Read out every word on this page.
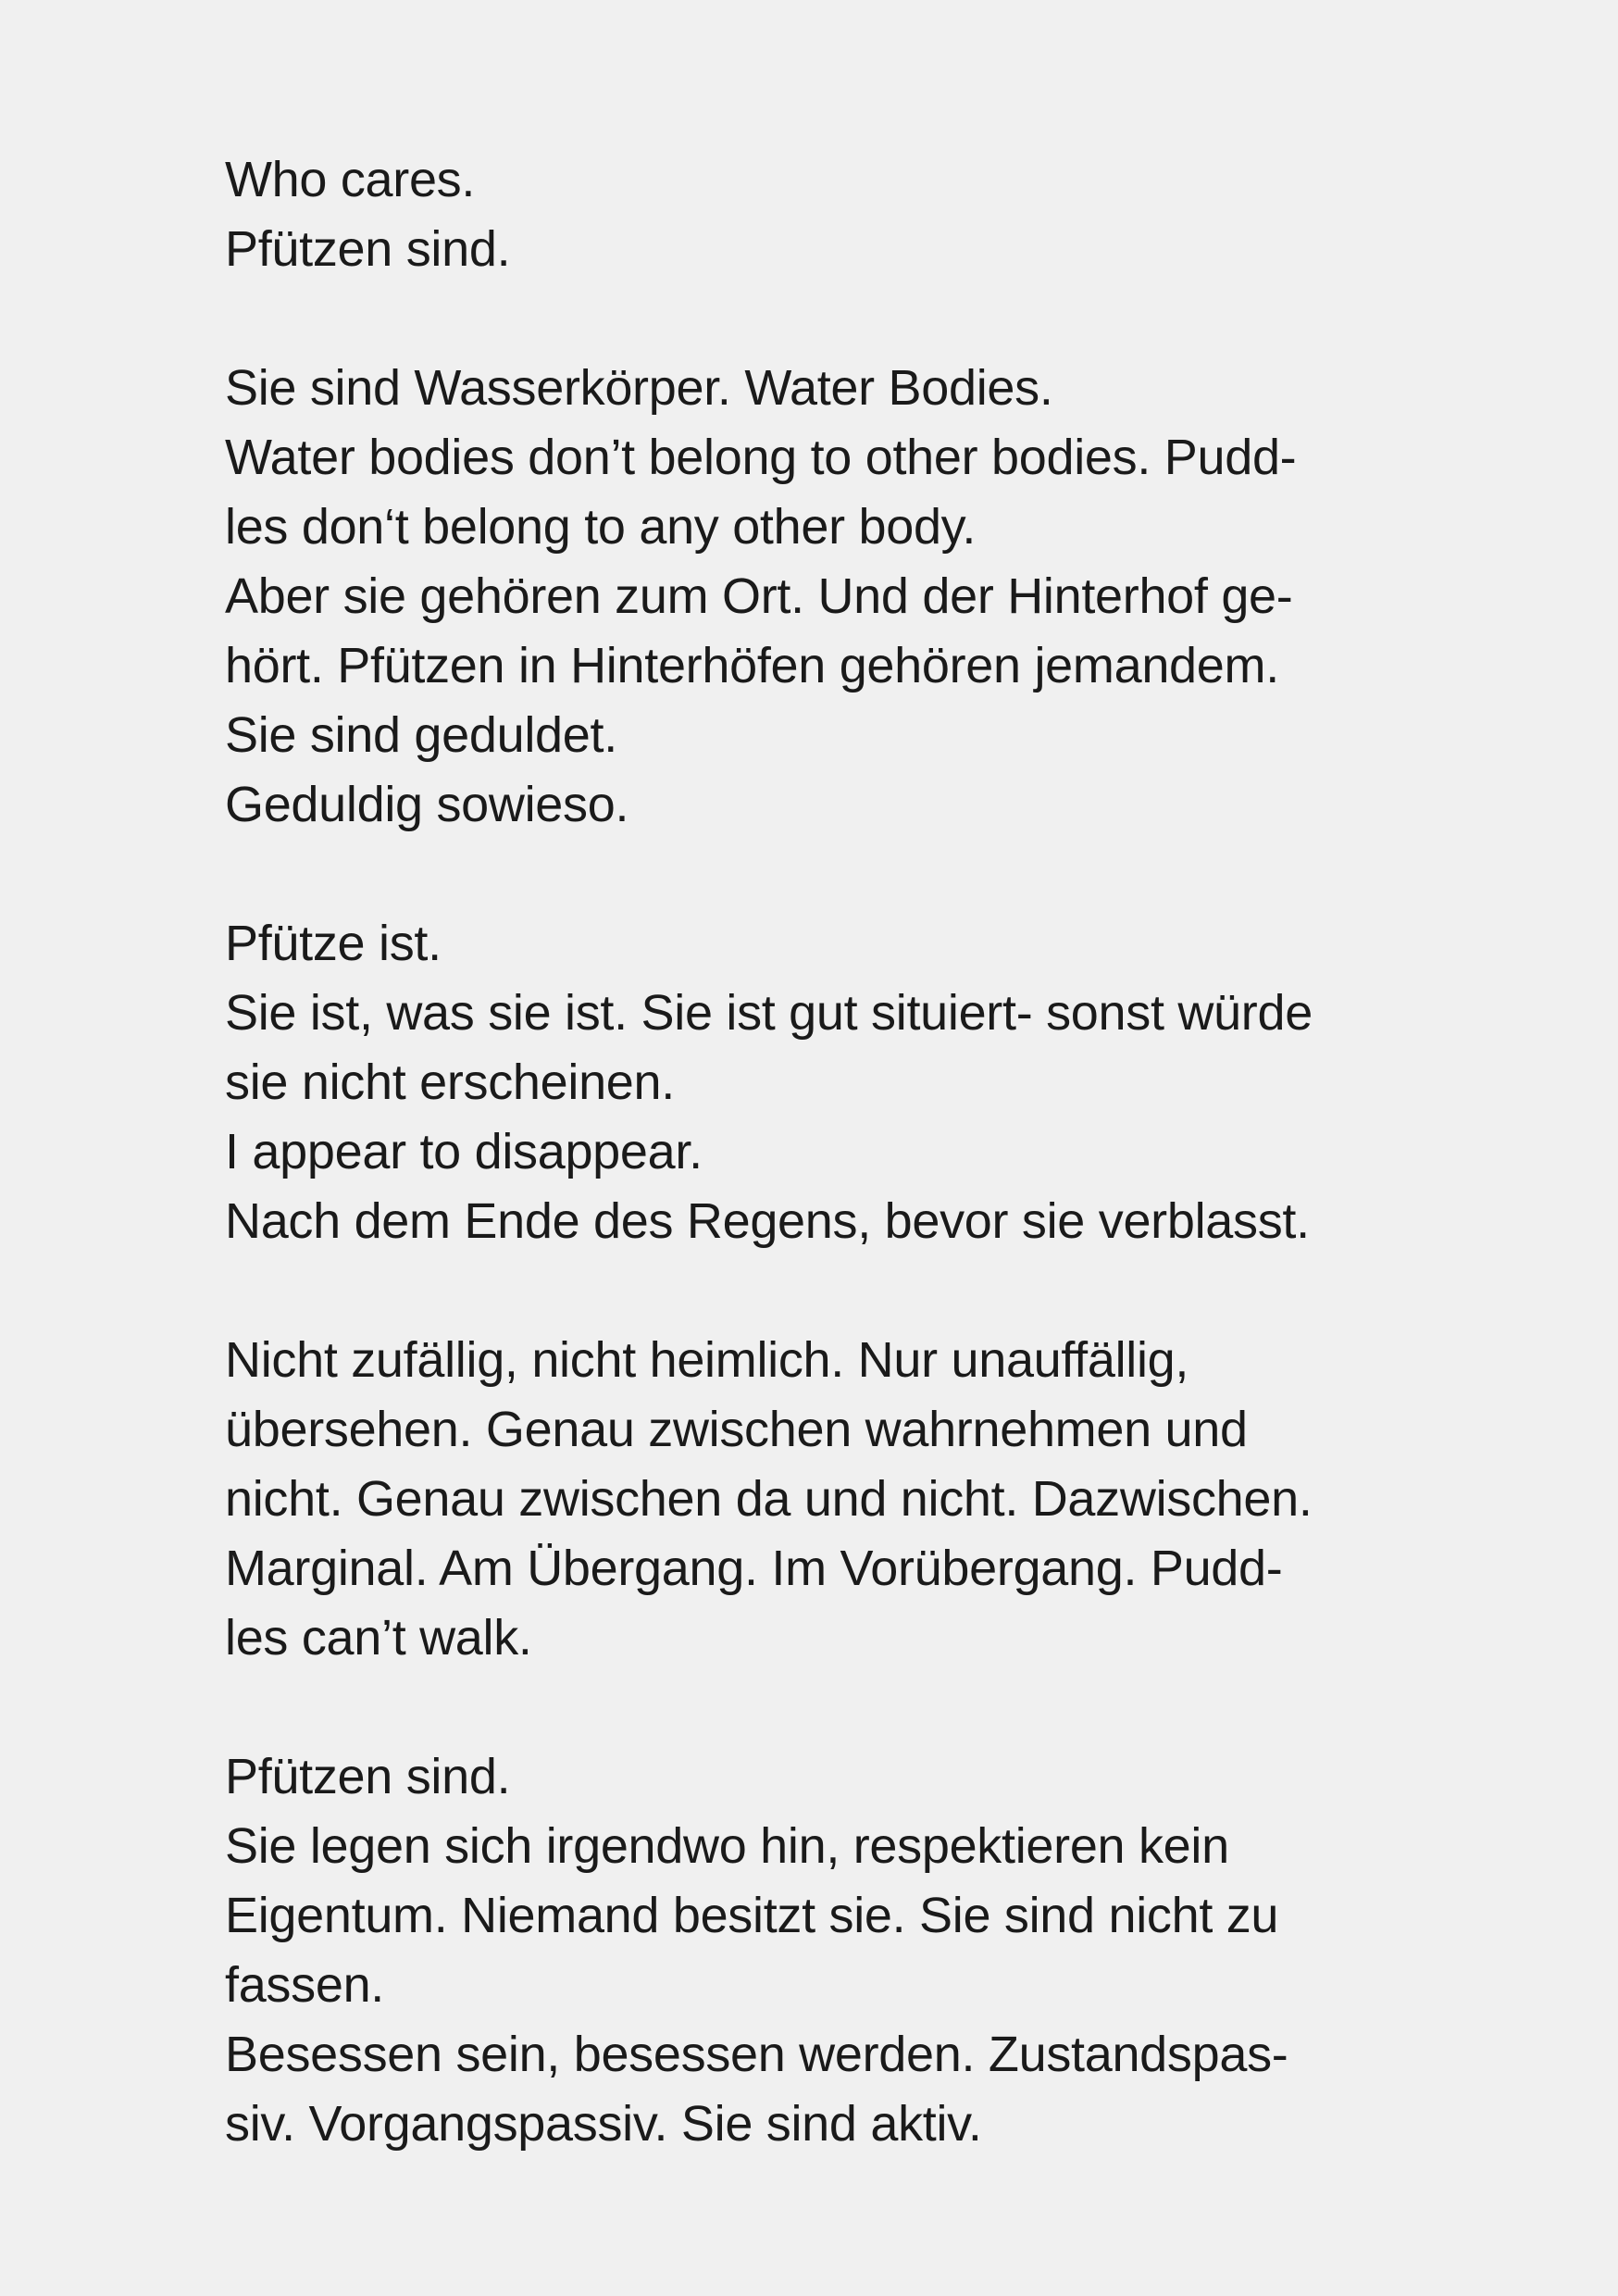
Who cares.
Pfützen sind.
Sie sind Wasserkörper. Water Bodies.
Water bodies don’t belong to other bodies. Pudd-
les don‘t belong to any other body.
Aber sie gehören zum Ort. Und der Hinterhof ge-
hört. Pfützen in Hinterhöfen gehören jemandem.
Sie sind geduldet.
Geduldig sowieso.
Pfütze ist.
Sie ist, was sie ist. Sie ist gut situiert- sonst würde
sie nicht erscheinen.
I appear to disappear.
Nach dem Ende des Regens, bevor sie verblasst.
Nicht zufällig, nicht heimlich. Nur unauffällig,
übersehen. Genau zwischen wahrnehmen und
nicht. Genau zwischen da und nicht. Dazwischen.
Marginal. Am Übergang. Im Vorübergang. Pudd-
les can’t walk.
Pfützen sind.
Sie legen sich irgendwo hin, respektieren kein
Eigentum. Niemand besitzt sie. Sie sind nicht zu
fassen.
Besessen sein, besessen werden. Zustandspas-
siv. Vorgangspassiv. Sie sind aktiv.
